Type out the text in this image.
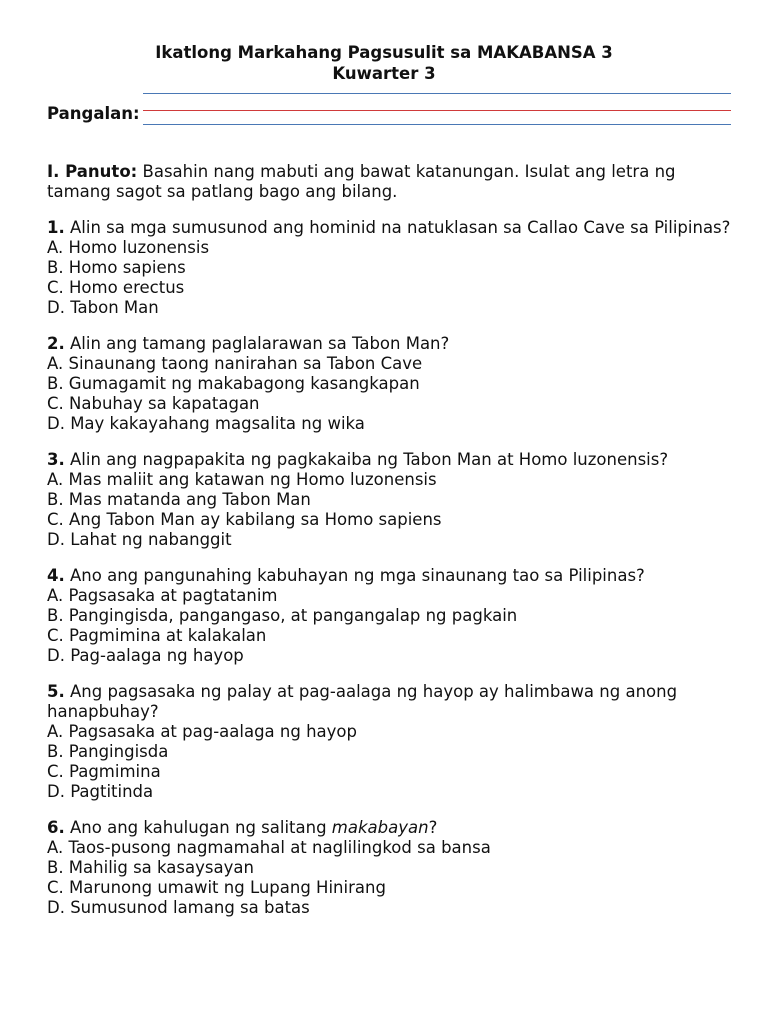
Ikatlong Markahang Pagsusulit sa MAKABANSA 3
Kuwarter 3
Pangalan:
I. Panuto: Basahin nang mabuti ang bawat katanungan. Isulat ang letra ng tamang sagot sa patlang bago ang bilang.
1. Alin sa mga sumusunod ang hominid na natuklasan sa Callao Cave sa Pilipinas?
A. Homo luzonensis
B. Homo sapiens
C. Homo erectus
D. Tabon Man
2. Alin ang tamang paglalarawan sa Tabon Man?
A. Sinaunang taong nanirahan sa Tabon Cave
B. Gumagamit ng makabagong kasangkapan
C. Nabuhay sa kapatagan
D. May kakayahang magsalita ng wika
3. Alin ang nagpapakita ng pagkakaiba ng Tabon Man at Homo luzonensis?
A. Mas maliit ang katawan ng Homo luzonensis
B. Mas matanda ang Tabon Man
C. Ang Tabon Man ay kabilang sa Homo sapiens
D. Lahat ng nabanggit
4. Ano ang pangunahing kabuhayan ng mga sinaunang tao sa Pilipinas?
A. Pagsasaka at pagtatanim
B. Pangingisda, pangangaso, at pangangalap ng pagkain
C. Pagmimina at kalakalan
D. Pag-aalaga ng hayop
5. Ang pagsasaka ng palay at pag-aalaga ng hayop ay halimbawa ng anong hanapbuhay?
A. Pagsasaka at pag-aalaga ng hayop
B. Pangingisda
C. Pagmimina
D. Pagtitinda
6. Ano ang kahulugan ng salitang makabayan?
A. Taos-pusong nagmamahal at naglilingkod sa bansa
B. Mahilig sa kasaysayan
C. Marunong umawit ng Lupang Hinirang
D. Sumusunod lamang sa batas
